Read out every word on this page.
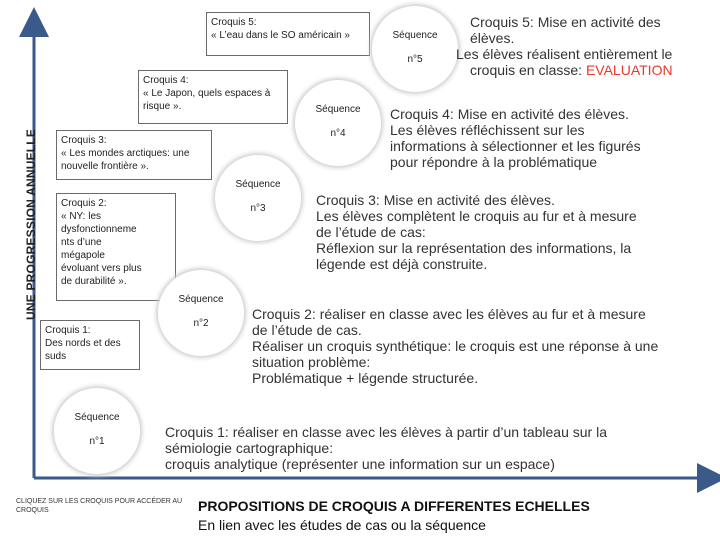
UNE PROGRESSION ANNUELLE
Croquis 5:
« L’eau dans le SO américain »
Croquis 4:
« Le Japon, quels espaces à
risque ».
Croquis 3:
« Les mondes arctiques: une
nouvelle frontière ».
Croquis 2:
« NY: les
dysfonctionneme
nts d’une
mégapole
évoluant vers plus
de durabilité ».
Croquis 1:
Des nords et des
suds
Séquence
n°5
Séquence
n°4
Séquence
n°3
Séquence
n°2
Séquence
n°1
Croquis 5: Mise en activité des
élèves.
Les élèves réalisent entièrement le
croquis en classe: EVALUATION
Croquis 4: Mise en activité des élèves.
Les élèves réfléchissent sur les
informations à sélectionner et les figurés
pour répondre à la problématique
Croquis 3: Mise en activité des élèves.
Les élèves complètent le croquis au fur et à mesure
de l’étude de cas:
Réflexion sur la représentation des informations, la
légende est déjà construite.
Croquis 2: réaliser en classe avec les élèves au fur et à mesure
de l’étude de cas.
Réaliser un croquis synthétique: le croquis est une réponse à une
situation problème:
Problématique + légende structurée.
Croquis 1: réaliser en classe avec les élèves à partir d’un tableau sur la
sémiologie cartographique:
croquis analytique (représenter une information sur un espace)
CLIQUEZ SUR LES CROQUIS POUR ACCÉDER AU CROQUIS	PROPOSITIONS DE CROQUIS A DIFFERENTES ECHELLES
En lien avec les études de cas ou la séquence
